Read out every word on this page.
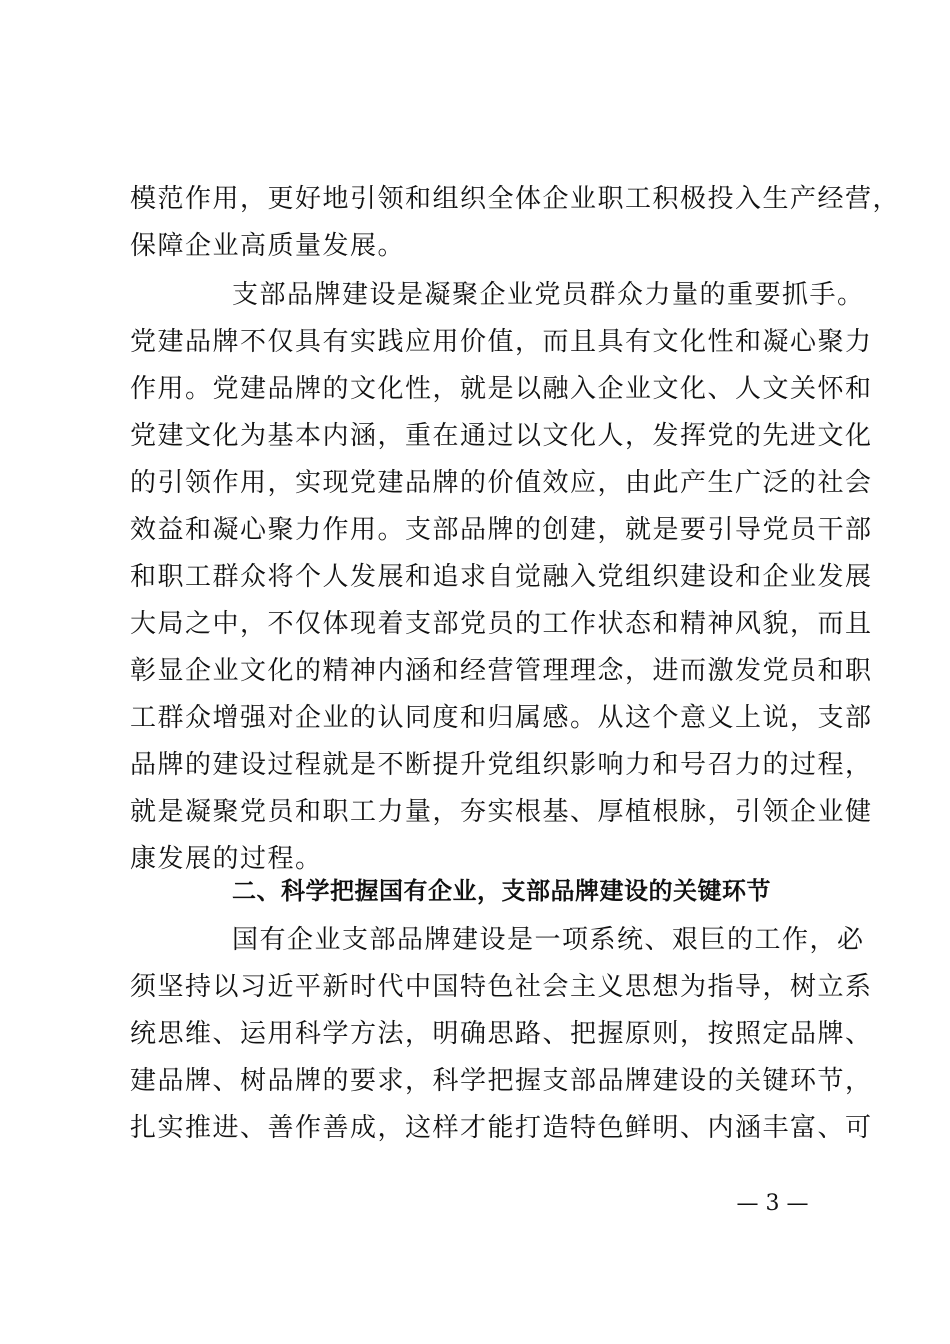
模范作用，更好地引领和组织全体企业职工积极投入生产经营，
保障企业高质量发展。
支部品牌建设是凝聚企业党员群众力量的重要抓手。
党建品牌不仅具有实践应用价值，而且具有文化性和凝心聚力
作用。党建品牌的文化性，就是以融入企业文化、人文关怀和
党建文化为基本内涵，重在通过以文化人，发挥党的先进文化
的引领作用，实现党建品牌的价值效应，由此产生广泛的社会
效益和凝心聚力作用。支部品牌的创建，就是要引导党员干部
和职工群众将个人发展和追求自觉融入党组织建设和企业发展
大局之中，不仅体现着支部党员的工作状态和精神风貌，而且
彰显企业文化的精神内涵和经营管理理念，进而激发党员和职
工群众增强对企业的认同度和归属感。从这个意义上说，支部
品牌的建设过程就是不断提升党组织影响力和号召力的过程，
就是凝聚党员和职工力量，夯实根基、厚植根脉，引领企业健
康发展的过程。
二、科学把握国有企业，支部品牌建设的关键环节
国有企业支部品牌建设是一项系统、艰巨的工作，必
须坚持以习近平新时代中国特色社会主义思想为指导，树立系
统思维、运用科学方法，明确思路、把握原则，按照定品牌、
建品牌、树品牌的要求，科学把握支部品牌建设的关键环节，
扎实推进、善作善成，这样才能打造特色鲜明、内涵丰富、可
— 3 —
